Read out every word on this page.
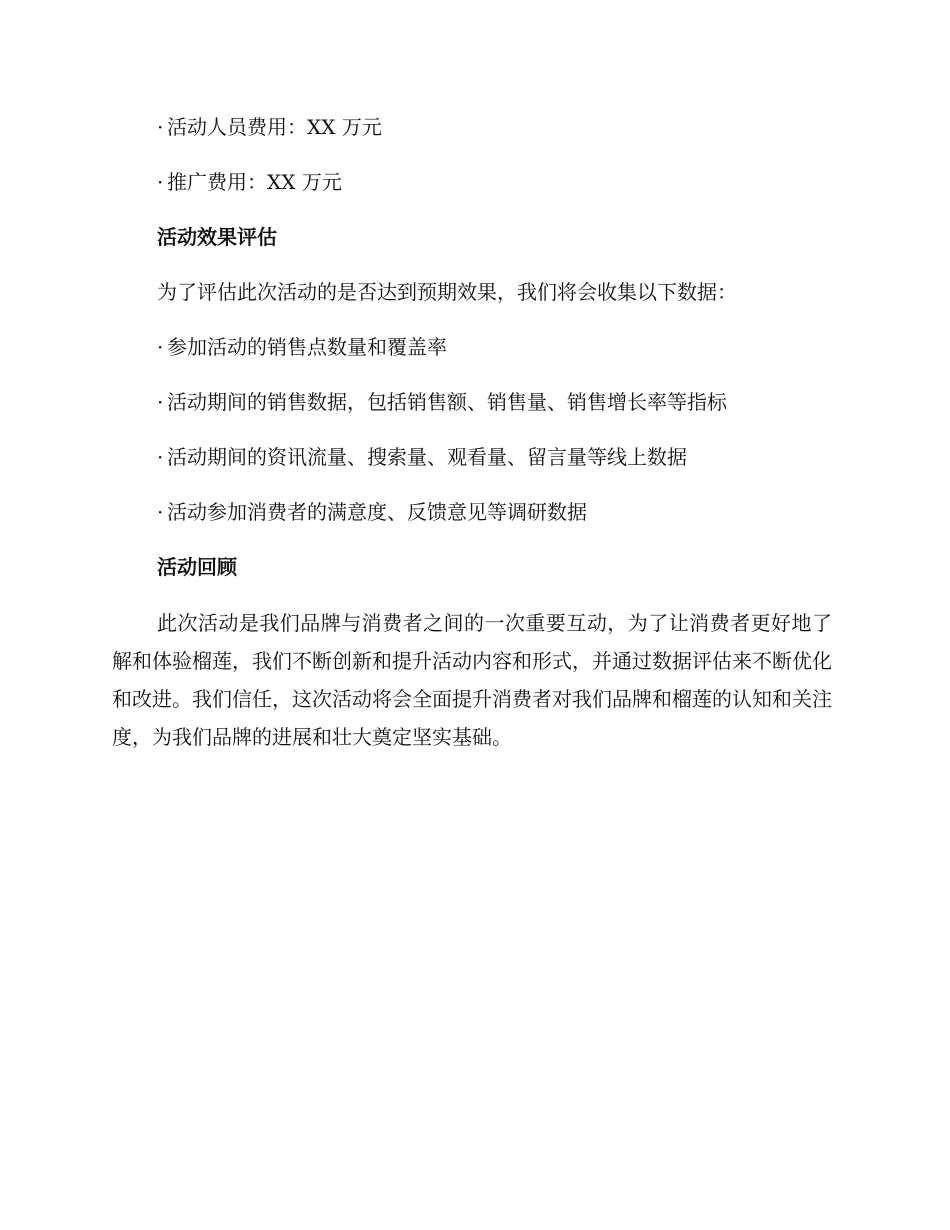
· 活动人员费用：XX 万元
· 推广费用：XX 万元
活动效果评估
为了评估此次活动的是否达到预期效果，我们将会收集以下数据：
· 参加活动的销售点数量和覆盖率
· 活动期间的销售数据，包括销售额、销售量、销售增长率等指标
· 活动期间的资讯流量、搜索量、观看量、留言量等线上数据
· 活动参加消费者的满意度、反馈意见等调研数据
活动回顾

此次活动是我们品牌与消费者之间的一次重要互动，为了让消费者更好地了解和体验榴莲，我们不断创新和提升活动内容和形式，并通过数据评估来不断优化和改进。我们信任，这次活动将会全面提升消费者对我们品牌和榴莲的认知和关注度，为我们品牌的进展和壮大奠定坚实基础。
